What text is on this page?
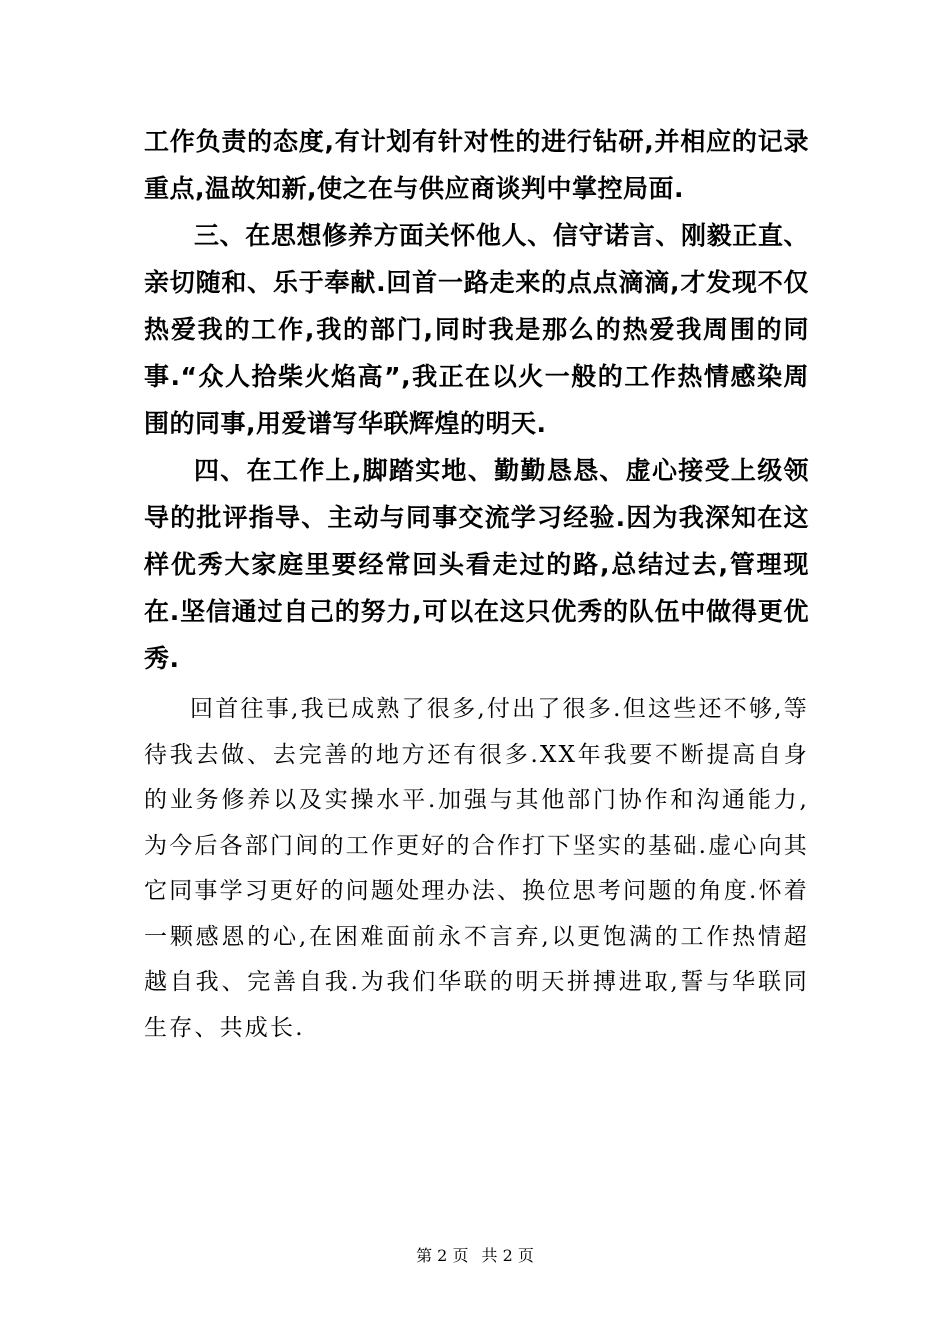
工作负责的态度,有计划有针对性的进行钻研,并相应的记录重点,温故知新,使之在与供应商谈判中掌控局面.

三、在思想修养方面关怀他人、信守诺言、刚毅正直、亲切随和、乐于奉献.回首一路走来的点点滴滴,才发现不仅热爱我的工作,我的部门,同时我是那么的热爱我周围的同事.“众人拾柴火焰高”,我正在以火一般的工作热情感染周围的同事,用爱谱写华联辉煌的明天.

四、在工作上,脚踏实地、勤勤恳恳、虚心接受上级领导的批评指导、主动与同事交流学习经验.因为我深知在这样优秀大家庭里要经常回头看走过的路,总结过去,管理现在.坚信通过自己的努力,可以在这只优秀的队伍中做得更优秀.

回首往事,我已成熟了很多,付出了很多.但这些还不够,等待我去做、去完善的地方还有很多.XX年我要不断提高自身的业务修养以及实操水平.加强与其他部门协作和沟通能力,为今后各部门间的工作更好的合作打下坚实的基础.虚心向其它同事学习更好的问题处理办法、换位思考问题的角度.怀着一颗感恩的心,在困难面前永不言弃,以更饱满的工作热情超越自我、完善自我.为我们华联的明天拼搏进取,誓与华联同生存、共成长.

第 2 页 共 2 页
